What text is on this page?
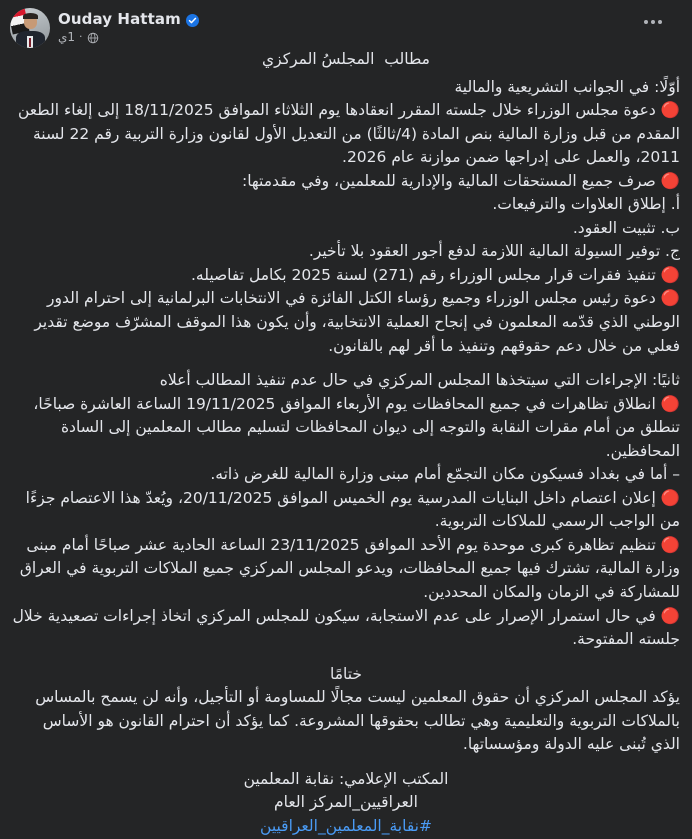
Ouday Hattam
·
1ي

مطالب  المجلسُ المركزي

أوّلًا: في الجوانب التشريعية والمالية

🔴 دعوة مجلس الوزراء خلال جلسته المقرر انعقادها يوم الثلاثاء الموافق 18/11/2025 إلى إلغاء الطعن المقدم من قبل وزارة المالية بنص المادة (4/ثالثًا) من التعديل الأول لقانون وزارة التربية رقم 22 لسنة 2011، والعمل على إدراجها ضمن موازنة عام 2026.

🔴 صرف جميع المستحقات المالية والإدارية للمعلمين، وفي مقدمتها:

أ. إطلاق العلاوات والترفيعات.

ب. تثبيت العقود.

ج. توفير السيولة المالية اللازمة لدفع أجور العقود بلا تأخير.

🔴 تنفيذ فقرات قرار مجلس الوزراء رقم (271) لسنة 2025 بكامل تفاصيله.

🔴 دعوة رئيس مجلس الوزراء وجميع رؤساء الكتل الفائزة في الانتخابات البرلمانية إلى احترام الدور الوطني الذي قدّمه المعلمون في إنجاح العملية الانتخابية، وأن يكون هذا الموقف المشرّف موضع تقدير فعلي من خلال دعم حقوقهم وتنفيذ ما أقر لهم بالقانون.

ثانيًا: الإجراءات التي سيتخذها المجلس المركزي في حال عدم تنفيذ المطالب أعلاه

🔴 انطلاق تظاهرات في جميع المحافظات يوم الأربعاء الموافق 19/11/2025 الساعة العاشرة صباحًا، تنطلق من أمام مقرات النقابة والتوجه إلى ديوان المحافظات لتسليم مطالب المعلمين إلى السادة المحافظين.

– أما في بغداد فسيكون مكان التجمّع أمام مبنى وزارة المالية للغرض ذاته.

🔴 إعلان اعتصام داخل البنايات المدرسية يوم الخميس الموافق 20/11/2025، ويُعدّ هذا الاعتصام جزءًا من الواجب الرسمي للملاكات التربوية.

🔴 تنظيم تظاهرة كبرى موحدة يوم الأحد الموافق 23/11/2025 الساعة الحادية عشر صباحًا أمام مبنى وزارة المالية، تشترك فيها جميع المحافظات، ويدعو المجلس المركزي جميع الملاكات التربوية في العراق للمشاركة في الزمان والمكان المحددين.

🔴 في حال استمرار الإصرار على عدم الاستجابة، سيكون للمجلس المركزي اتخاذ إجراءات تصعيدية خلال جلسته المفتوحة.

ختامًا

يؤكد المجلس المركزي أن حقوق المعلمين ليست مجالًا للمساومة أو التأجيل، وأنه لن يسمح بالمساس بالملاكات التربوية والتعليمية وهي تطالب بحقوقها المشروعة. كما يؤكد أن احترام القانون هو الأساس الذي تُبنى عليه الدولة ومؤسساتها.

المكتب الإعلامي: نقابة المعلمين

العراقيين_المركز العام

#نقابة_المعلمين_العراقيين
